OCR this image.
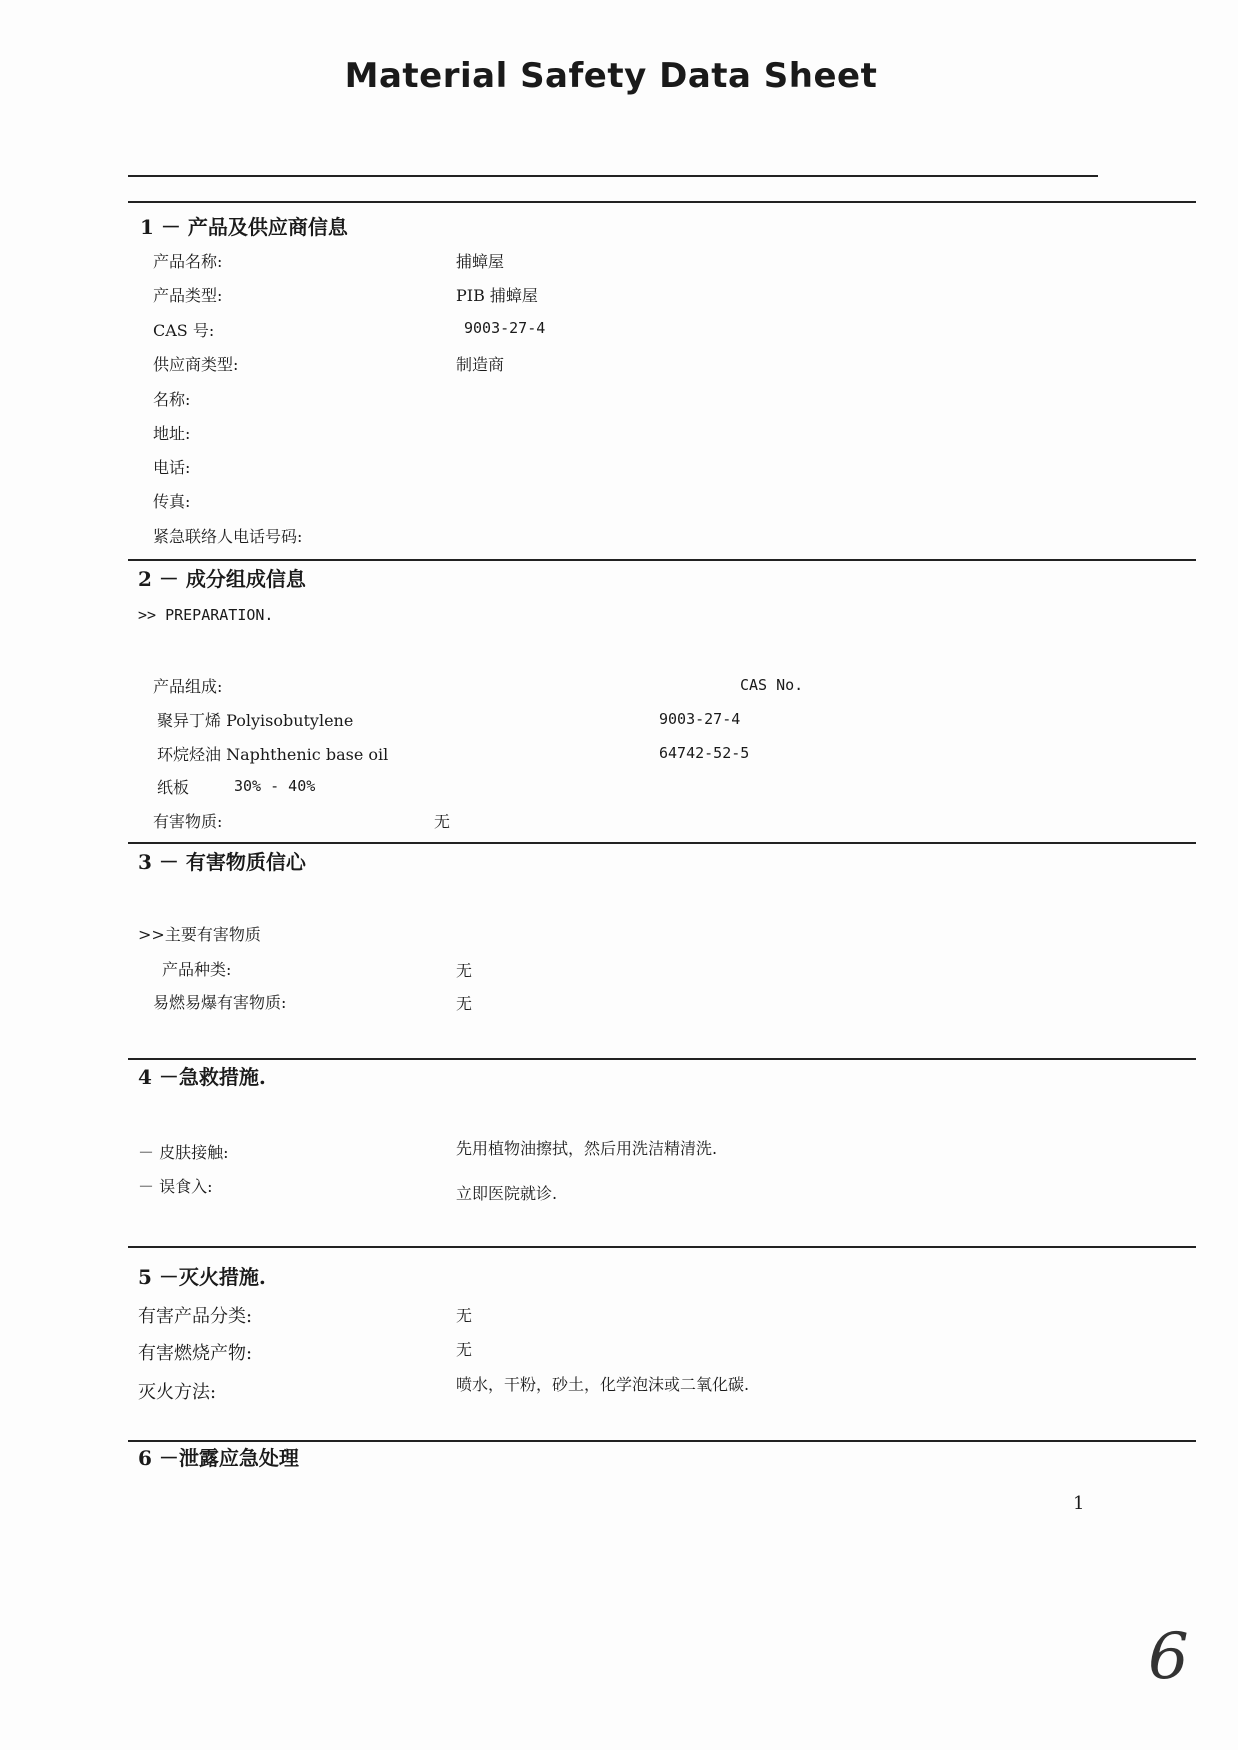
Material Safety Data Sheet
1 － 产品及供应商信息
产品名称:	捕蟑屋
产品类型:	PIB 捕蟑屋
CAS 号:	9003-27-4
供应商类型:	制造商
名称:
地址:
电话:
传真:
紧急联络人电话号码:
2 － 成分组成信息
>> PREPARATION.
产品组成:	CAS No.
聚异丁烯 Polyisobutylene	9003-27-4
环烷烃油 Naphthenic base oil	64742-52-5
纸板	30% - 40%
有害物质:	无
3 － 有害物质信心
>>主要有害物质
产品种类:	无
易燃易爆有害物质:	无
4 －急救措施.
－ 皮肤接触:	先用植物油擦拭，然后用洗洁精清洗.
－ 误食入:	立即医院就诊.
5 －灭火措施.
有害产品分类:	无
有害燃烧产物:	无
灭火方法:	喷水，干粉，砂土，化学泡沫或二氧化碳.
6 －泄露应急处理
1
6
